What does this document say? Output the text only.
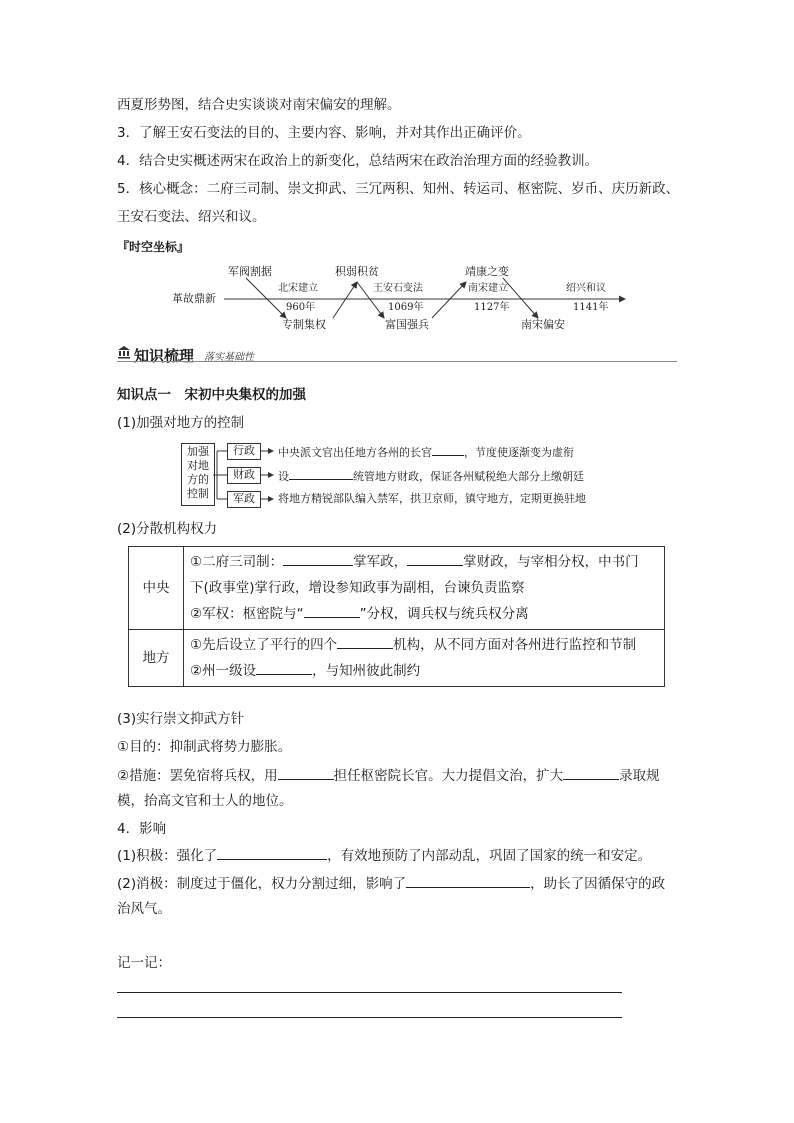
西夏形势图，结合史实谈谈对南宋偏安的理解。
3．了解王安石变法的目的、主要内容、影响，并对其作出正确评价。
4．结合史实概述两宋在政治上的新变化，总结两宋在政治治理方面的经验教训。
5．核心概念：二府三司制、崇文抑武、三冗两积、知州、转运司、枢密院、岁币、庆历新政、
王安石变法、绍兴和议。
『时空坐标』
革故鼎新
军阀割据	积弱积贫	靖康之变
专制集权	富国强兵	南宋偏安
北宋建立	王安石变法	南宋建立	绍兴和议
960年	1069年	1127年	1141年
知识梳理 落实基础性
知识点一　宋初中央集权的加强
(1)加强对地方的控制
加强
对地
方的
控制
行政
财政
军政
中央派文官出任地方各州的长官	，节度使逐渐变为虚衔
设	统管地方财政，保证各州赋税绝大部分上缴朝廷
将地方精锐部队编入禁军，拱卫京师，镇守地方，定期更换驻地
(2)分散机构权力
中央	①二府三司制： 掌军政， 掌财政，与宰相分权，中书门
下(政事堂)掌行政，增设参知政事为副相，台谏负责监察
②军权：枢密院与“ ”分权，调兵权与统兵权分离

地方	①先后设立了平行的四个 机构，从不同方面对各州进行监控和节制
②州一级设 ，与知州彼此制约
(3)实行崇文抑武方针
①目的：抑制武将势力膨胀。
②措施：罢免宿将兵权，用	担任枢密院长官。大力提倡文治，扩大	录取规
模，抬高文官和士人的地位。
4．影响
(1)积极：强化了	，有效地预防了内部动乱，巩固了国家的统一和安定。
(2)消极：制度过于僵化，权力分割过细，影响了	，助长了因循保守的政
治风气。
记一记：
